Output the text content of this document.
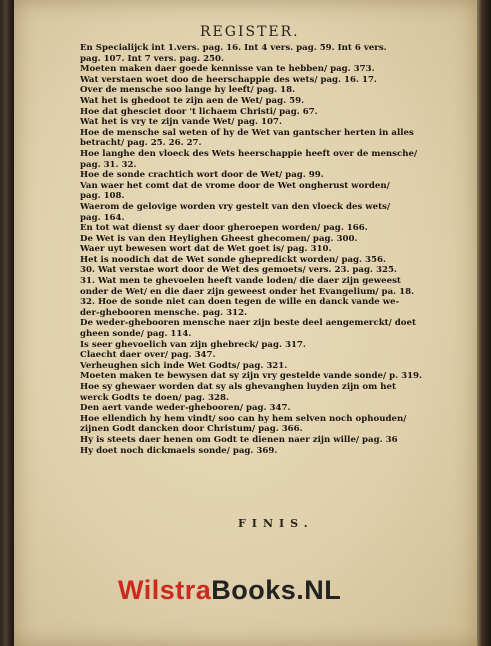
REGISTER.
En Specialijck int 1.vers. pag. 16. Int 4 vers. pag. 59. Int 6 vers.
pag. 107. Int 7 vers. pag. 250.
Moeten maken daer goede kennisse van te hebben/ pag. 373.
Wat verstaen woet doo de heerschappie des wets/ pag. 16. 17.
Over de mensche soo lange hy leeft/ pag. 18.
Wat het is ghedoot te zijn aen de Wet/ pag. 59.
Hoe dat ghesciet door 't lichaem Christi/ pag. 67.
Wat het is vry te zijn vande Wet/ pag. 107.
Hoe de mensche sal weten of hy de Wet van gantscher herten in alles
betracht/ pag. 25. 26. 27.
Hoe langhe den vloeck des Wets heerschappie heeft over de mensche/
pag. 31. 32.
Hoe de sonde crachtich wort door de Wet/ pag. 99.
Van waer het comt dat de vrome door de Wet ongherust worden/
pag. 108.
Waerom de gelovige worden vry gestelt van den vloeck des wets/
pag. 164.
En tot wat dienst sy daer door gheroepen worden/ pag. 166.
De Wet is van den Heylighen Gheest ghecomen/ pag. 300.
Waer uyt bewesen wort dat de Wet goet is/ pag. 310.
Het is noodich dat de Wet sonde ghepredickt worden/ pag. 356.
30. Wat verstae wort door de Wet des gemoets/ vers. 23. pag. 325.
31. Wat men te ghevoelen heeft vande loden/ die daer zijn geweest
onder de Wet/ en die daer zijn geweest onder het Evangelium/ pa. 18.
32. Hoe de sonde niet can doen tegen de wille en danck vande we-
der-ghebooren mensche. pag. 312.
De weder-ghebooren mensche naer zijn beste deel aengemerckt/ doet
gheen sonde/ pag. 114.
Is seer ghevoelich van zijn ghebreck/ pag. 317.
Claecht daer over/ pag. 347.
Verheughen sich inde Wet Godts/ pag. 321.
Moeten maken te bewysen dat sy zijn vry gestelde vande sonde/ p. 319.
Hoe sy ghewaer worden dat sy als ghevanghen luyden zijn om het
werck Godts te doen/ pag. 328.
Den aert vande weder-ghebooren/ pag. 347.
Hoe ellendich hy hem vindt/ soo can hy hem selven noch ophouden/
zijnen Godt dancken door Christum/ pag. 366.
Hy is steets daer henen om Godt te dienen naer zijn wille/ pag. 36
Hy doet noch dickmaels sonde/ pag. 369.
FINIS.
WilstraBooks.NL
